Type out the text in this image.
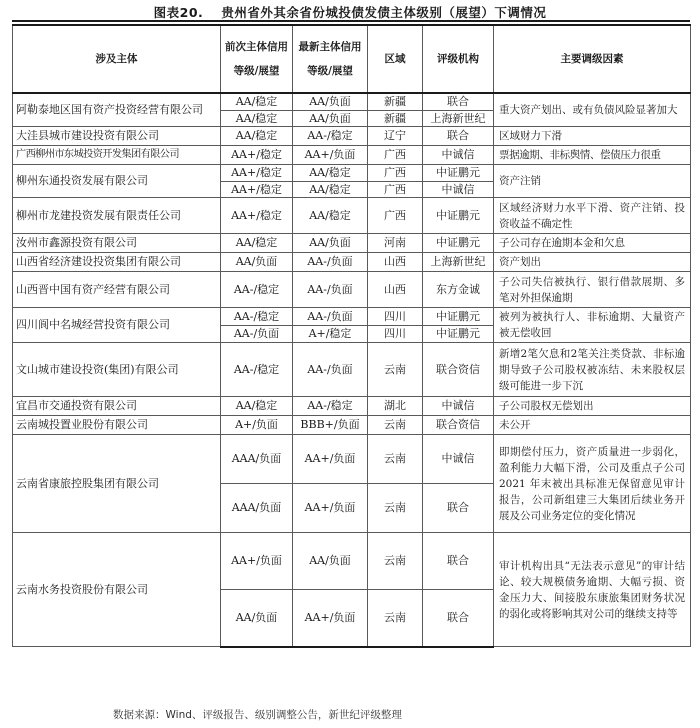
图表20. 贵州省外其余省份城投债发债主体级别（展望）下调情况
涉及主体	前次主体信用等级/展望	最新主体信用等级/展望	区域	评级机构	主要调级因素
阿勒泰地区国有资产投资经营有限公司	AA/稳定	AA/负面	新疆	联合	重大资产划出、或有负债风险显著加大
	AA/稳定	AA/负面	新疆	上海新世纪	
大洼县城市建设投资有限公司	AA/稳定	AA-/稳定	辽宁	联合	区域财力下滑
广西柳州市东城投资开发集团有限公司	AA+/稳定	AA+/负面	广西	中诚信	票据逾期、非标舆情、偿债压力很重
柳州东通投资发展有限公司	AA+/稳定	AA/稳定	广西	中证鹏元	资产注销
	AA+/稳定	AA/稳定	广西	中诚信	
柳州市龙建投资发展有限责任公司	AA+/稳定	AA/稳定	广西	中证鹏元	区域经济财力水平下滑、资产注销、投资收益不确定性
汝州市鑫源投资有限公司	AA/稳定	AA/负面	河南	中证鹏元	子公司存在逾期本金和欠息
山西省经济建设投资集团有限公司	AA/负面	AA-/负面	山西	上海新世纪	资产划出
山西晋中国有资产经营有限公司	AA-/稳定	AA-/负面	山西	东方金诚	子公司失信被执行、银行借款展期、多笔对外担保逾期
四川阆中名城经营投资有限公司	AA-/稳定	AA-/负面	四川	中证鹏元	被列为被执行人、非标逾期、大量资产被无偿收回
	AA-/负面	A+/稳定	四川	中证鹏元	
文山城市建设投资(集团)有限公司	AA-/稳定	AA-/负面	云南	联合资信	新增2笔欠息和2笔关注类贷款、非标逾期导致子公司股权被冻结、未来股权层级可能进一步下沉
宜昌市交通投资有限公司	AA/稳定	AA-/稳定	湖北	中诚信	子公司股权无偿划出
云南城投置业股份有限公司	A+/负面	BBB+/负面	云南	联合资信	未公开
云南省康旅控股集团有限公司	AAA/负面	AA+/负面	云南	中诚信	即期偿付压力，资产质量进一步弱化，盈利能力大幅下滑，公司及重点子公司 2021 年末被出具标准无保留意见审计报告，公司新组建三大集团后续业务开展及公司业务定位的变化情况
	AAA/负面	AA+/负面	云南	联合	
云南水务投资股份有限公司	AA+/负面	AA/负面	云南	联合	审计机构出具“无法表示意见”的审计结论、较大规模债务逾期、大幅亏损、资金压力大、间接股东康旅集团财务状况的弱化或将影响其对公司的继续支持等
	AA/负面	AA+/负面	云南	联合	
数据来源：Wind、评级报告、级别调整公告，新世纪评级整理
